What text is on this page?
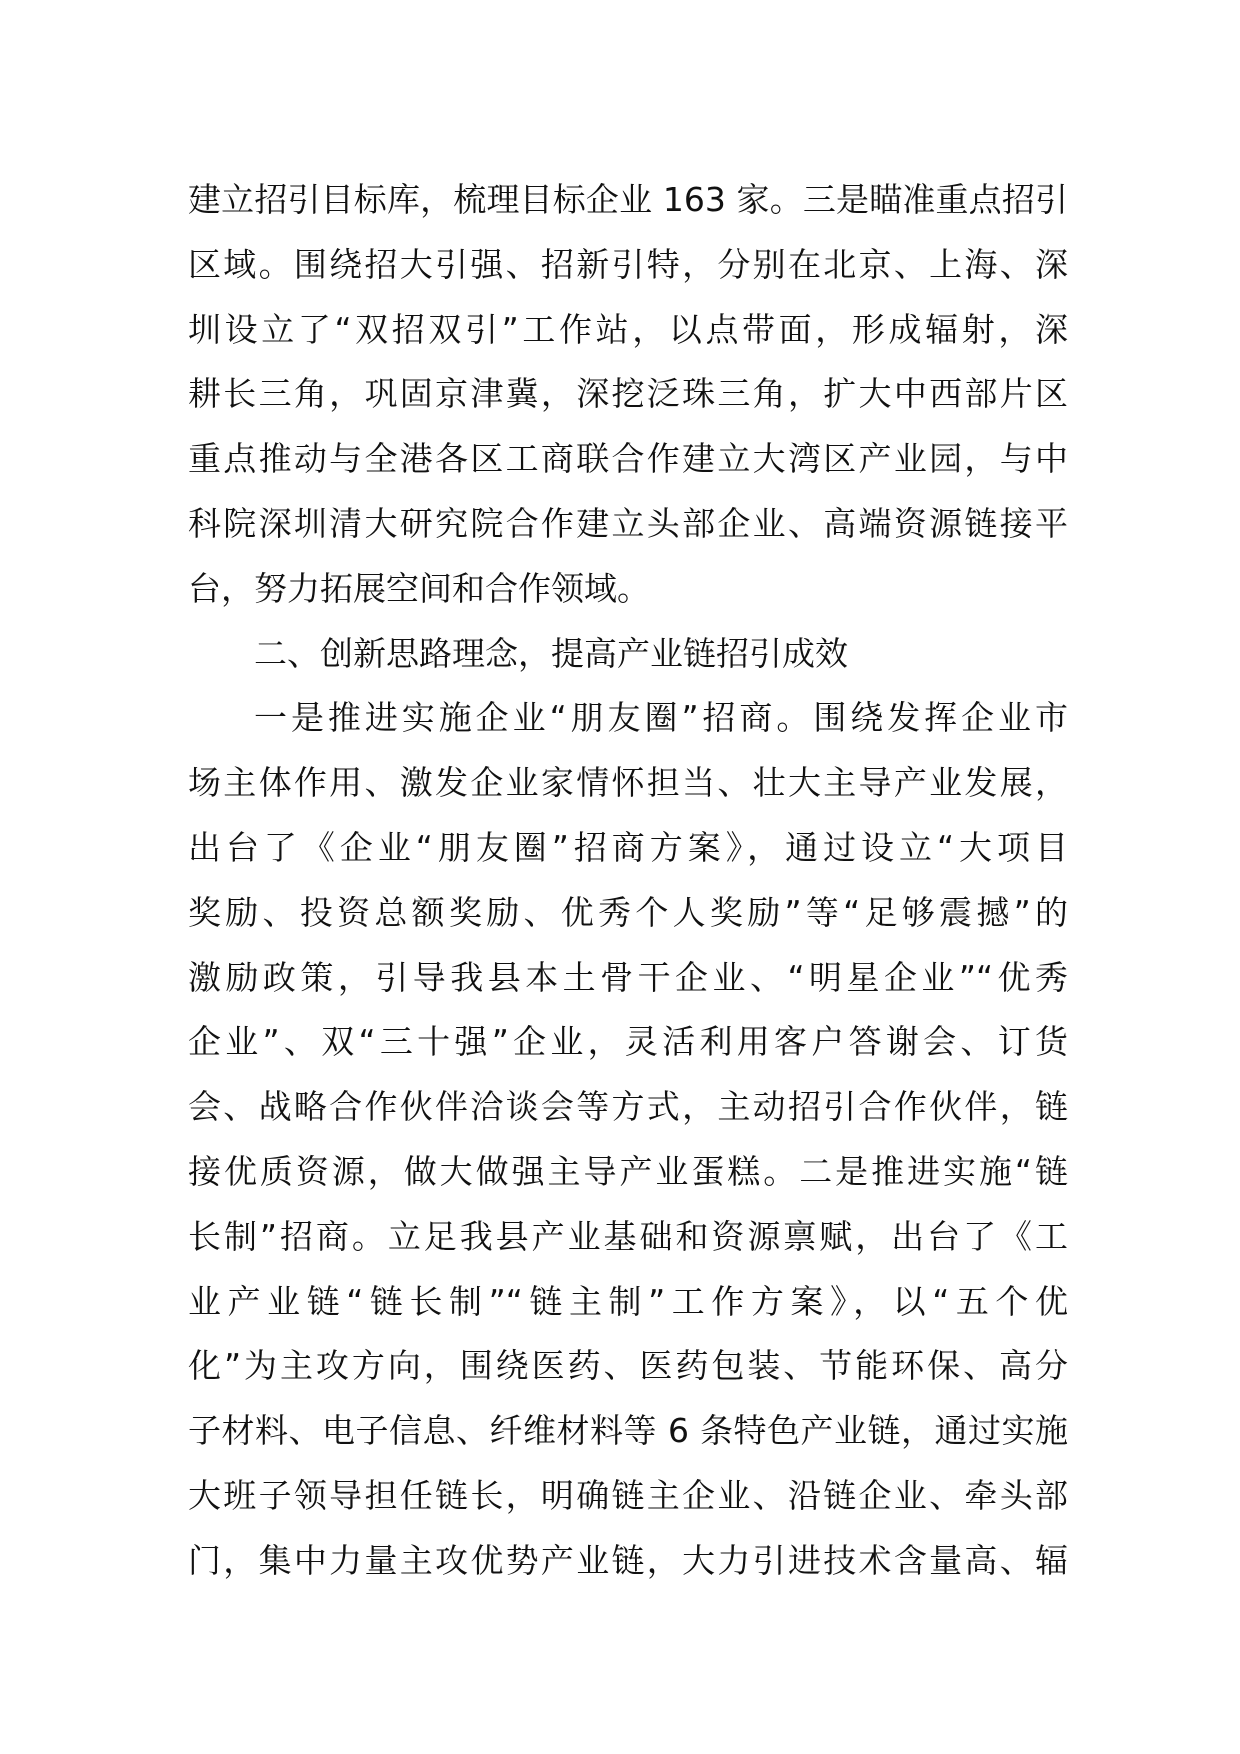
建立招引目标库，梳理目标企业 163 家。三是瞄准重点招引
区域。围绕招大引强、招新引特，分别在北京、上海、深
圳设立了“双招双引”工作站，以点带面，形成辐射，深
耕长三角，巩固京津冀，深挖泛珠三角，扩大中西部片区
重点推动与全港各区工商联合作建立大湾区产业园，与中
科院深圳清大研究院合作建立头部企业、高端资源链接平
台，努力拓展空间和合作领域。
二、创新思路理念，提高产业链招引成效
一是推进实施企业“朋友圈”招商。围绕发挥企业市
场主体作用、激发企业家情怀担当、壮大主导产业发展，
出台了《企业“朋友圈”招商方案》，通过设立“大项目
奖励、投资总额奖励、优秀个人奖励”等“足够震撼”的
激励政策，引导我县本土骨干企业、“明星企业”“优秀
企业”、双“三十强”企业，灵活利用客户答谢会、订货
会、战略合作伙伴洽谈会等方式，主动招引合作伙伴，链
接优质资源，做大做强主导产业蛋糕。二是推进实施“链
长制”招商。立足我县产业基础和资源禀赋，出台了《工
业产业链“链长制”“链主制”工作方案》，以“五个优
化”为主攻方向，围绕医药、医药包装、节能环保、高分
子材料、电子信息、纤维材料等 6 条特色产业链，通过实施
大班子领导担任链长，明确链主企业、沿链企业、牵头部
门，集中力量主攻优势产业链，大力引进技术含量高、辐
